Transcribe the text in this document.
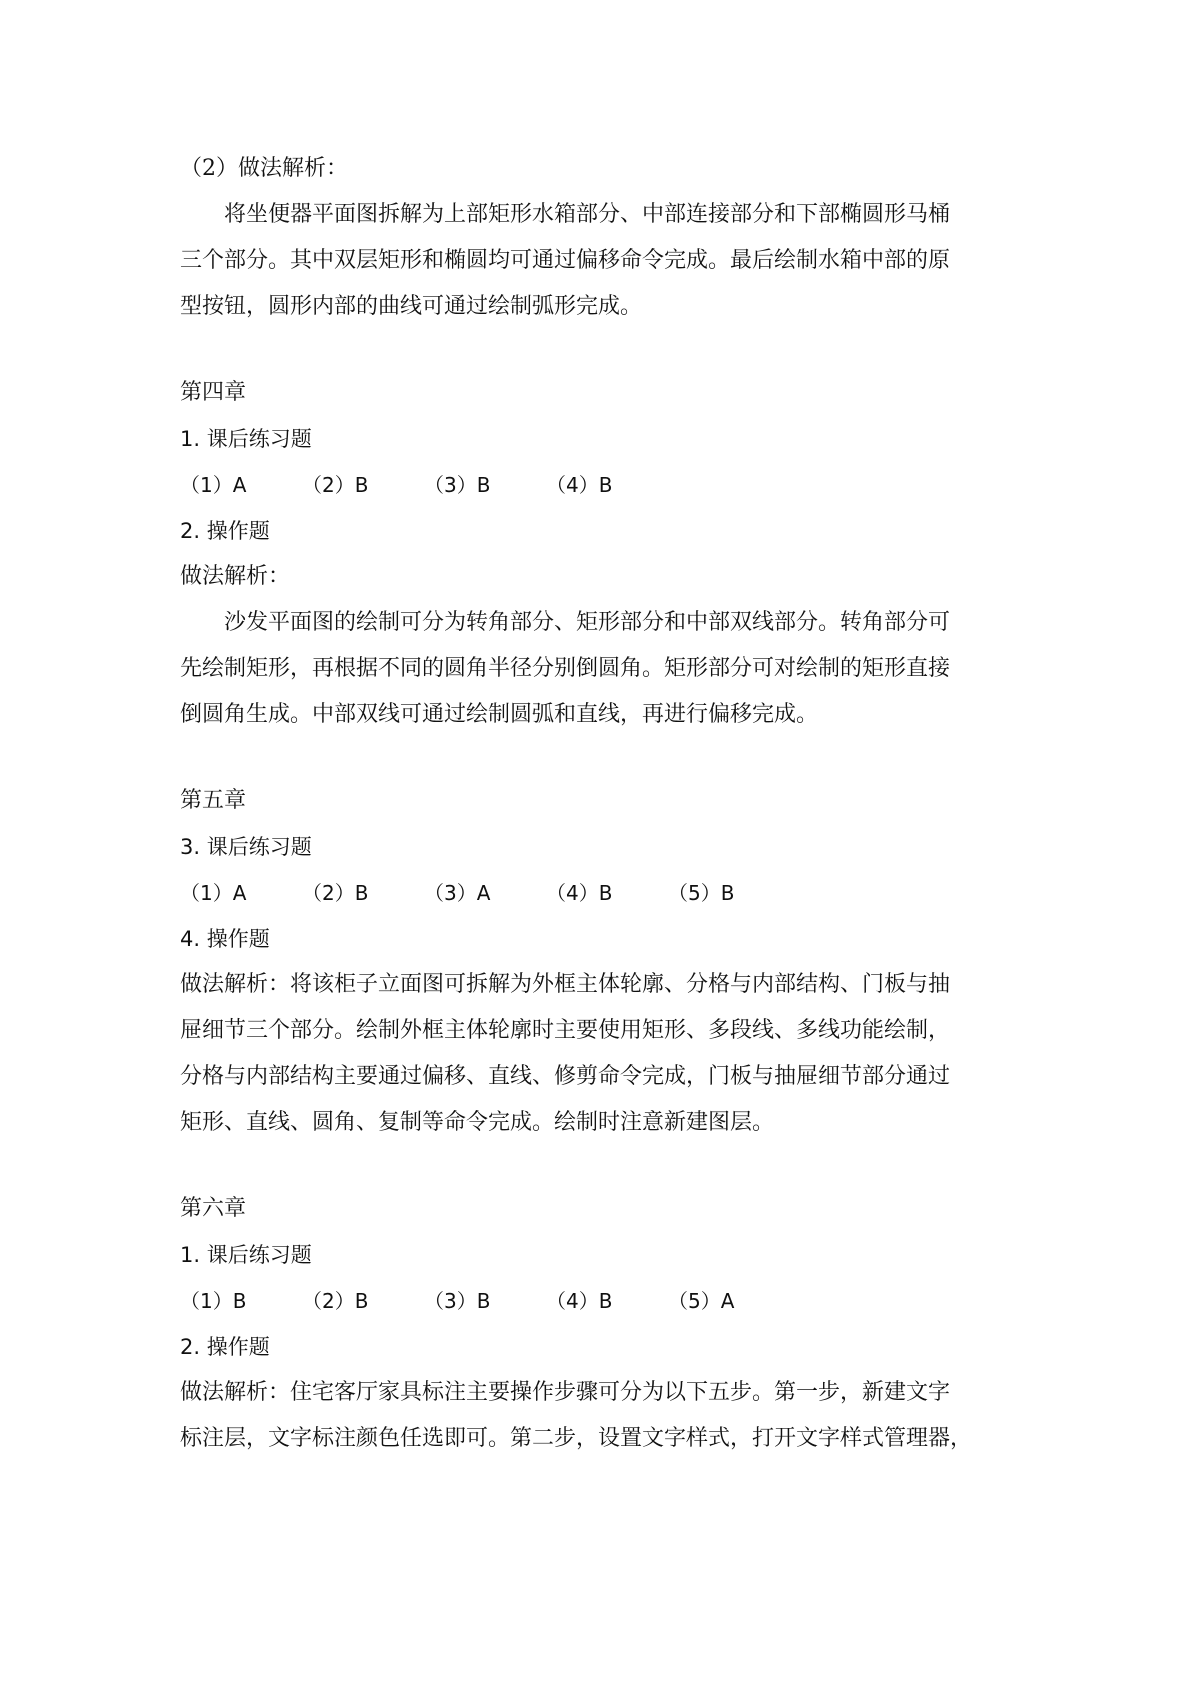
（2）做法解析：
将坐便器平面图拆解为上部矩形水箱部分、中部连接部分和下部椭圆形马桶
三个部分。其中双层矩形和椭圆均可通过偏移命令完成。最后绘制水箱中部的原
型按钮，圆形内部的曲线可通过绘制弧形完成。
第四章
1. 课后练习题
（1）A	（2）B	（3）B	（4）B
2. 操作题
做法解析：
沙发平面图的绘制可分为转角部分、矩形部分和中部双线部分。转角部分可
先绘制矩形，再根据不同的圆角半径分别倒圆角。矩形部分可对绘制的矩形直接
倒圆角生成。中部双线可通过绘制圆弧和直线，再进行偏移完成。
第五章
3. 课后练习题
（1）A	（2）B	（3）A	（4）B	（5）B
4. 操作题
做法解析：将该柜子立面图可拆解为外框主体轮廓、分格与内部结构、门板与抽
屉细节三个部分。绘制外框主体轮廓时主要使用矩形、多段线、多线功能绘制，
分格与内部结构主要通过偏移、直线、修剪命令完成，门板与抽屉细节部分通过
矩形、直线、圆角、复制等命令完成。绘制时注意新建图层。
第六章
1. 课后练习题
（1）B	（2）B	（3）B	（4）B	（5）A
2. 操作题
做法解析：住宅客厅家具标注主要操作步骤可分为以下五步。第一步，新建文字
标注层，文字标注颜色任选即可。第二步，设置文字样式，打开文字样式管理器，
